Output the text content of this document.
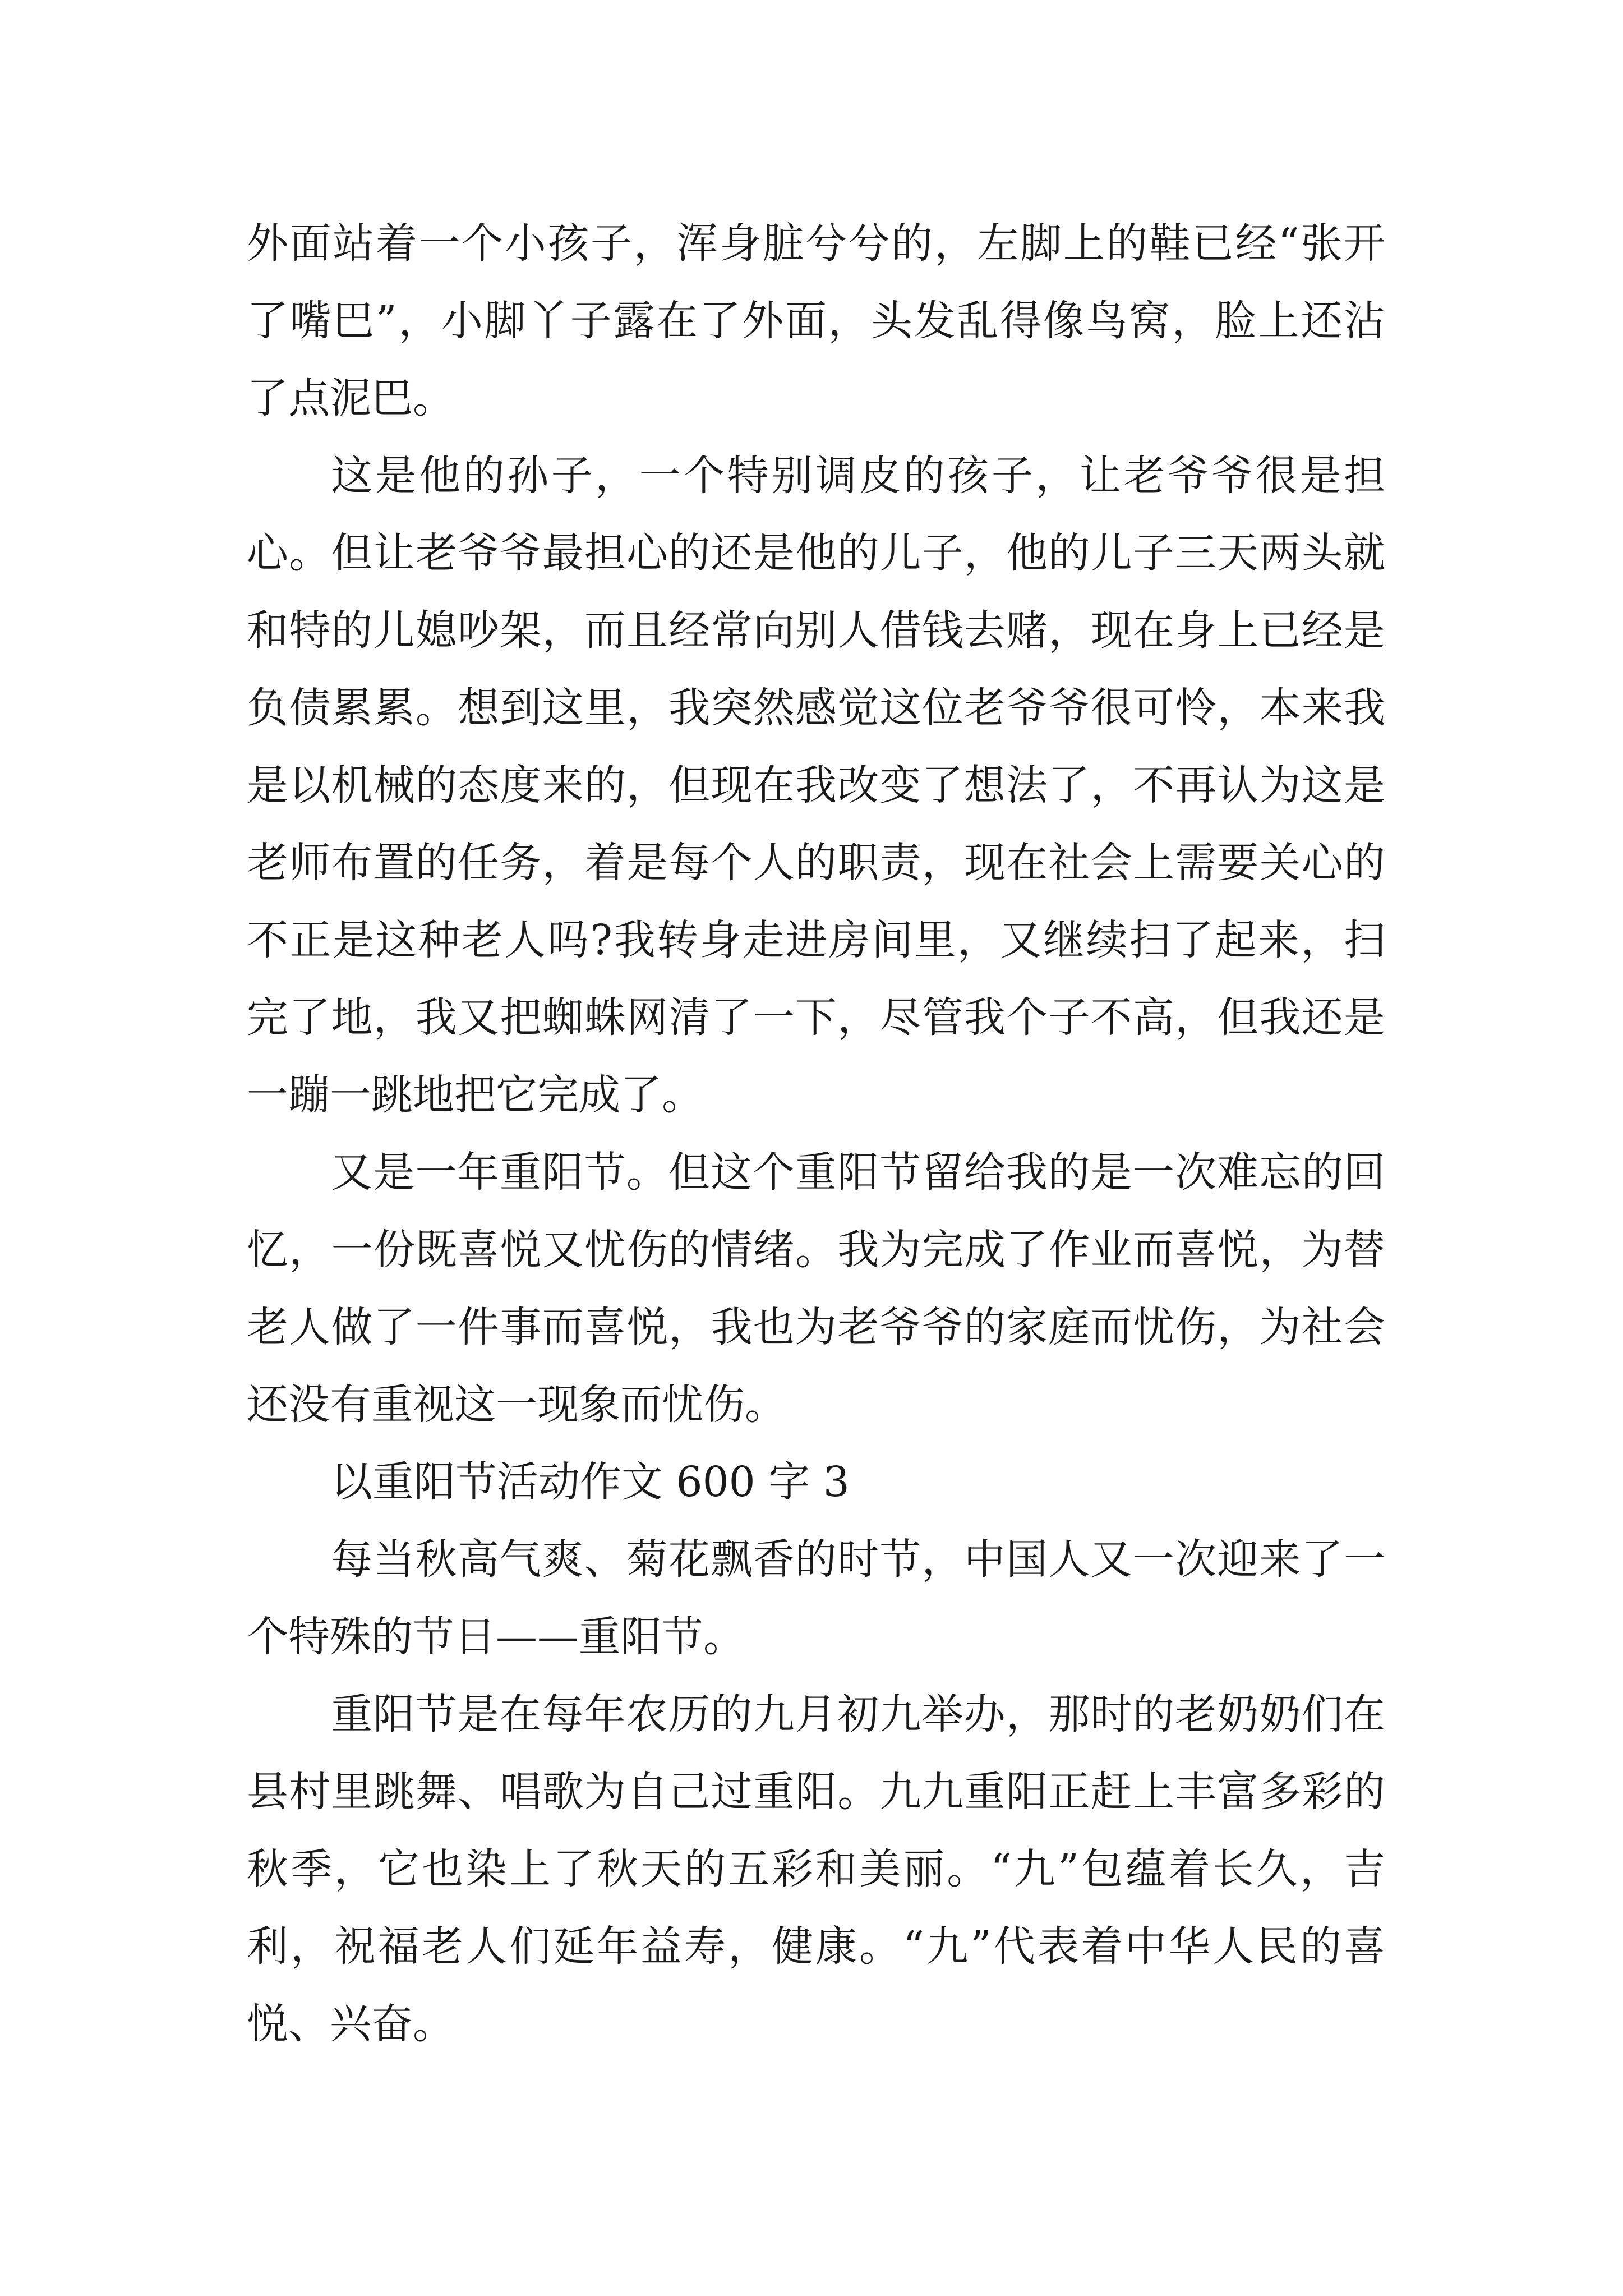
外面站着一个小孩子，浑身脏兮兮的，左脚上的鞋已经“张开了嘴巴”，小脚丫子露在了外面，头发乱得像鸟窝，脸上还沾了点泥巴。

这是他的孙子，一个特别调皮的孩子，让老爷爷很是担心。但让老爷爷最担心的还是他的儿子，他的儿子三天两头就和特的儿媳吵架，而且经常向别人借钱去赌，现在身上已经是负债累累。想到这里，我突然感觉这位老爷爷很可怜，本来我是以机械的态度来的，但现在我改变了想法了，不再认为这是老师布置的任务，着是每个人的职责，现在社会上需要关心的不正是这种老人吗?我转身走进房间里，又继续扫了起来，扫完了地，我又把蜘蛛网清了一下，尽管我个子不高，但我还是一蹦一跳地把它完成了。

又是一年重阳节。但这个重阳节留给我的是一次难忘的回忆，一份既喜悦又忧伤的情绪。我为完成了作业而喜悦，为替老人做了一件事而喜悦，我也为老爷爷的家庭而忧伤，为社会还没有重视这一现象而忧伤。

以重阳节活动作文 600 字 3

每当秋高气爽、菊花飘香的时节，中国人又一次迎来了一个特殊的节日——重阳节。

重阳节是在每年农历的九月初九举办，那时的老奶奶们在县村里跳舞、唱歌为自己过重阳。九九重阳正赶上丰富多彩的秋季，它也染上了秋天的五彩和美丽。“九”包蕴着长久，吉利，祝福老人们延年益寿，健康。“九”代表着中华人民的喜悦、兴奋。
